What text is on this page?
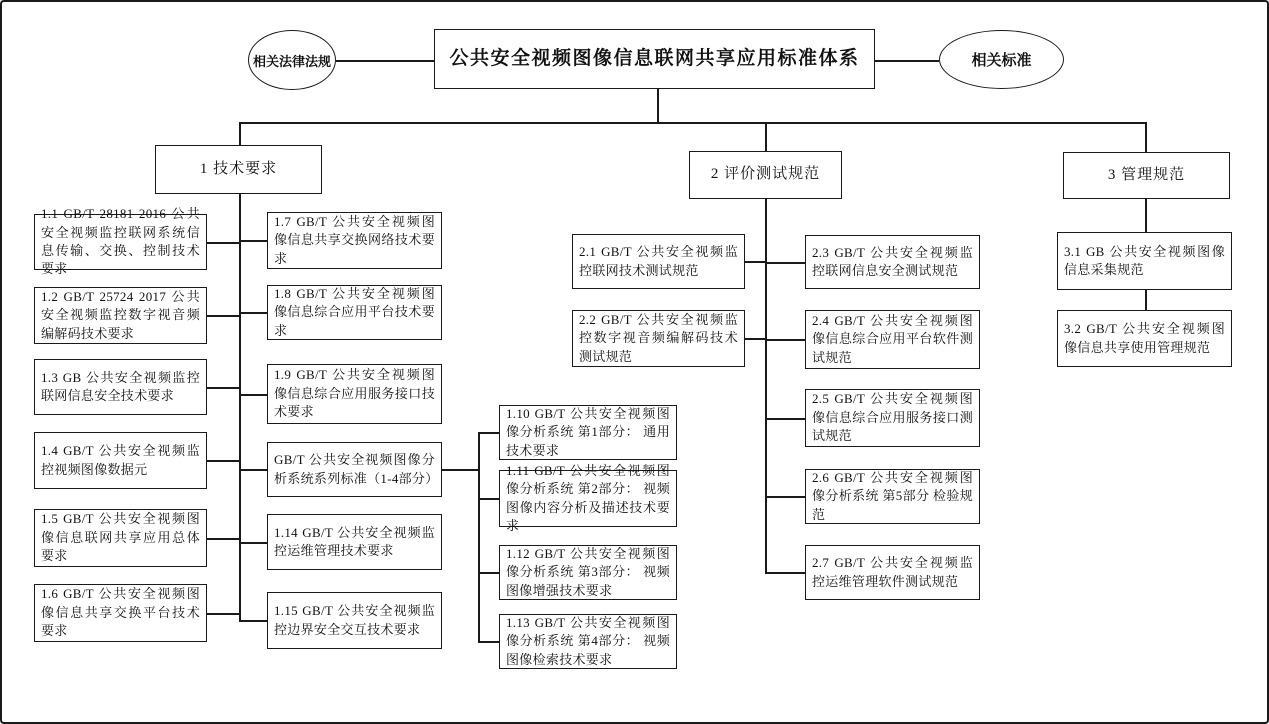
相关法律法规	公共安全视频图像信息联网共享应用标准体系	相关标准
1 技术要求	2 评价测试规范	3 管理规范
1.1 GB/T 28181 2016 公共安全视频监控联网系统信息传输、交换、控制技术要求
1.2 GB/T 25724 2017 公共安全视频监控数字视音频编解码技术要求
1.3 GB 公共安全视频监控联网信息安全技术要求
1.4 GB/T 公共安全视频监控视频图像数据元
1.5 GB/T 公共安全视频图像信息联网共享应用总体要求
1.6 GB/T 公共安全视频图像信息共享交换平台技术要求
1.7 GB/T 公共安全视频图像信息共享交换网络技术要求
1.8 GB/T 公共安全视频图像信息综合应用平台技术要求
1.9 GB/T 公共安全视频图像信息综合应用服务接口技术要求
GB/T 公共安全视频图像分析系统系列标准（1-4部分）
1.14 GB/T 公共安全视频监控运维管理技术要求
1.15 GB/T 公共安全视频监控边界安全交互技术要求
1.10 GB/T 公共安全视频图像分析系统 第1部分： 通用技术要求
1.11 GB/T 公共安全视频图像分析系统 第2部分： 视频图像内容分析及描述技术要求
1.12 GB/T 公共安全视频图像分析系统 第3部分： 视频图像增强技术要求
1.13 GB/T 公共安全视频图像分析系统 第4部分： 视频图像检索技术要求
2.1 GB/T 公共安全视频监控联网技术测试规范
2.2 GB/T 公共安全视频监控数字视音频编解码技术测试规范
2.3 GB/T 公共安全视频监控联网信息安全测试规范
2.4 GB/T 公共安全视频图像信息综合应用平台软件测试规范
2.5 GB/T 公共安全视频图像信息综合应用服务接口测试规范
2.6 GB/T 公共安全视频图像分析系统 第5部分 检验规范
2.7 GB/T 公共安全视频监控运维管理软件测试规范
3.1 GB 公共安全视频图像信息采集规范
3.2 GB/T 公共安全视频图像信息共享使用管理规范
